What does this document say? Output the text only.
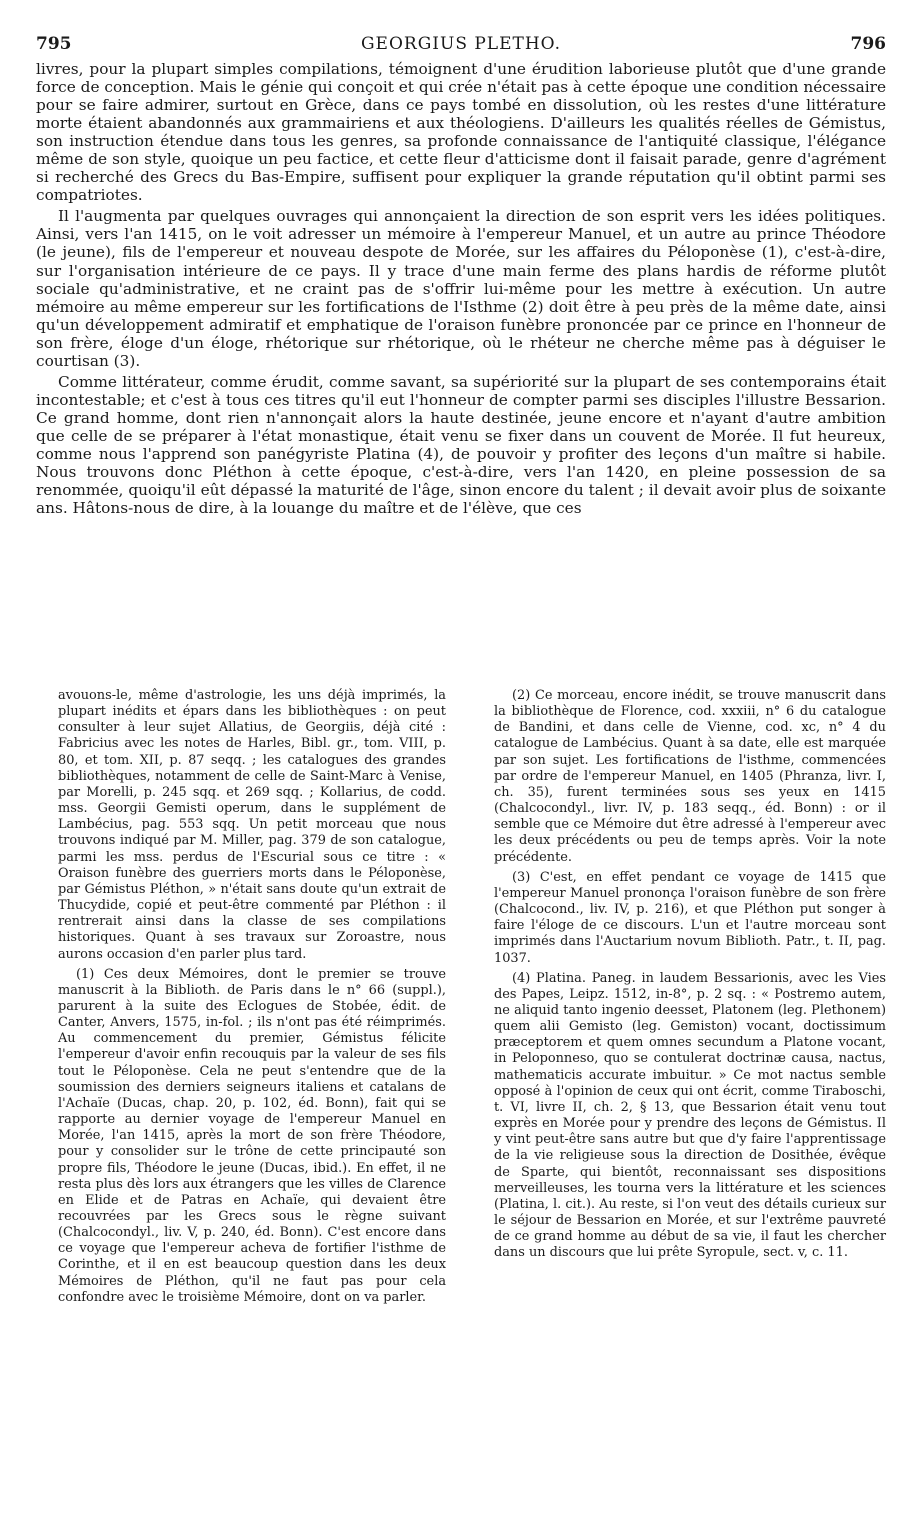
795	GEORGIUS PLETHO.	796

livres, pour la plupart simples compilations, témoignent d'une érudition laborieuse plutôt que d'une grande force de conception. Mais le génie qui conçoit et qui crée n'était pas à cette époque une condition nécessaire pour se faire admirer, surtout en Grèce, dans ce pays tombé en dissolution, où les restes d'une littérature morte étaient abandonnés aux grammairiens et aux théologiens. D'ailleurs les qualités réelles de Gémistus, son instruction étendue dans tous les genres, sa profonde connaissance de l'antiquité classique, l'élégance même de son style, quoique un peu factice, et cette fleur d'atticisme dont il faisait parade, genre d'agrément si recherché des Grecs du Bas-Empire, suffisent pour expliquer la grande réputation qu'il obtint parmi ses compatriotes.

Il l'augmenta par quelques ouvrages qui annonçaient la direction de son esprit vers les idées politiques. Ainsi, vers l'an 1415, on le voit adresser un mémoire à l'empereur Manuel, et un autre au prince Théodore (le jeune), fils de l'empereur et nouveau despote de Morée, sur les affaires du Péloponèse (1), c'est-à-dire, sur l'organisation intérieure de ce pays. Il y trace d'une main ferme des plans hardis de réforme plutôt sociale qu'administrative, et ne craint pas de s'offrir lui-même pour les mettre à exécution. Un autre mémoire au même empereur sur les fortifications de l'Isthme (2) doit être à peu près de la même date, ainsi qu'un développement admiratif et emphatique de l'oraison funèbre prononcée par ce prince en l'honneur de son frère, éloge d'un éloge, rhétorique sur rhétorique, où le rhéteur ne cherche même pas à déguiser le courtisan (3).

Comme littérateur, comme érudit, comme savant, sa supériorité sur la plupart de ses contemporains était incontestable; et c'est à tous ces titres qu'il eut l'honneur de compter parmi ses disciples l'illustre Bessarion. Ce grand homme, dont rien n'annonçait alors la haute destinée, jeune encore et n'ayant d'autre ambition que celle de se préparer à l'état monastique, était venu se fixer dans un couvent de Morée. Il fut heureux, comme nous l'apprend son panégyriste Platina (4), de pouvoir y profiter des leçons d'un maître si habile. Nous trouvons donc Pléthon à cette époque, c'est-à-dire, vers l'an 1420, en pleine possession de sa renommée, quoiqu'il eût dépassé la maturité de l'âge, sinon encore du talent ; il devait avoir plus de soixante ans. Hâtons-nous de dire, à la louange du maître et de l'élève, que ces

avouons-le, même d'astrologie, les uns déjà imprimés, la plupart inédits et épars dans les bibliothèques : on peut consulter à leur sujet Allatius, de Georgiis, déjà cité : Fabricius avec les notes de Harles, Bibl. gr., tom. VIII, p. 80, et tom. XII, p. 87 seqq. ; les catalogues des grandes bibliothèques, notamment de celle de Saint-Marc à Venise, par Morelli, p. 245 sqq. et 269 sqq. ; Kollarius, de codd. mss. Georgii Gemisti operum, dans le supplément de Lambécius, pag. 553 sqq. Un petit morceau que nous trouvons indiqué par M. Miller, pag. 379 de son catalogue, parmi les mss. perdus de l'Escurial sous ce titre : « Oraison funèbre des guerriers morts dans le Péloponèse, par Gémistus Pléthon, » n'était sans doute qu'un extrait de Thucydide, copié et peut-être commenté par Pléthon : il rentrerait ainsi dans la classe de ses compilations historiques. Quant à ses travaux sur Zoroastre, nous aurons occasion d'en parler plus tard.

(1) Ces deux Mémoires, dont le premier se trouve manuscrit à la Biblioth. de Paris dans le n° 66 (suppl.), parurent à la suite des Eclogues de Stobée, édit. de Canter, Anvers, 1575, in-fol. ; ils n'ont pas été réimprimés. Au commencement du premier, Gémistus félicite l'empereur d'avoir enfin recouquis par la valeur de ses fils tout le Péloponèse. Cela ne peut s'entendre que de la soumission des derniers seigneurs italiens et catalans de l'Achaïe (Ducas, chap. 20, p. 102, éd. Bonn), fait qui se rapporte au dernier voyage de l'empereur Manuel en Morée, l'an 1415, après la mort de son frère Théodore, pour y consolider sur le trône de cette principauté son propre fils, Théodore le jeune (Ducas, ibid.). En effet, il ne resta plus dès lors aux étrangers que les villes de Clarence en Elide et de Patras en Achaïe, qui devaient être recouvrées par les Grecs sous le règne suivant (Chalcocondyl., liv. V, p. 240, éd. Bonn). C'est encore dans ce voyage que l'empereur acheva de fortifier l'isthme de Corinthe, et il en est beaucoup question dans les deux Mémoires de Pléthon, qu'il ne faut pas pour cela confondre avec le troisième Mémoire, dont on va parler.

(2) Ce morceau, encore inédit, se trouve manuscrit dans la bibliothèque de Florence, cod. xxxiii, n° 6 du catalogue de Bandini, et dans celle de Vienne, cod. xc, n° 4 du catalogue de Lambécius. Quant à sa date, elle est marquée par son sujet. Les fortifications de l'isthme, commencées par ordre de l'empereur Manuel, en 1405 (Phranza, livr. I, ch. 35), furent terminées sous ses yeux en 1415 (Chalcocondyl., livr. IV, p. 183 seqq., éd. Bonn) : or il semble que ce Mémoire dut être adressé à l'empereur avec les deux précédents ou peu de temps après. Voir la note précédente.

(3) C'est, en effet pendant ce voyage de 1415 que l'empereur Manuel prononça l'oraison funèbre de son frère (Chalcocond., liv. IV, p. 216), et que Pléthon put songer à faire l'éloge de ce discours. L'un et l'autre morceau sont imprimés dans l'Auctarium novum Biblioth. Patr., t. II, pag. 1037.

(4) Platina. Paneg. in laudem Bessarionis, avec les Vies des Papes, Leipz. 1512, in-8°, p. 2 sq. : « Postremo autem, ne aliquid tanto ingenio deesset, Platonem (leg. Plethonem) quem alii Gemisto (leg. Gemiston) vocant, doctissimum præceptorem et quem omnes secundum a Platone vocant, in Peloponneso, quo se contulerat doctrinæ causa, nactus, mathematicis accurate imbuitur. » Ce mot nactus semble opposé à l'opinion de ceux qui ont écrit, comme Tiraboschi, t. VI, livre II, ch. 2, § 13, que Bessarion était venu tout exprès en Morée pour y prendre des leçons de Gémistus. Il y vint peut-être sans autre but que d'y faire l'apprentissage de la vie religieuse sous la direction de Dosithée, évêque de Sparte, qui bientôt, reconnaissant ses dispositions merveilleuses, les tourna vers la littérature et les sciences (Platina, l. cit.). Au reste, si l'on veut des détails curieux sur le séjour de Bessarion en Morée, et sur l'extrême pauvreté de ce grand homme au début de sa vie, il faut les chercher dans un discours que lui prête Syropule, sect. v, c. 11.
